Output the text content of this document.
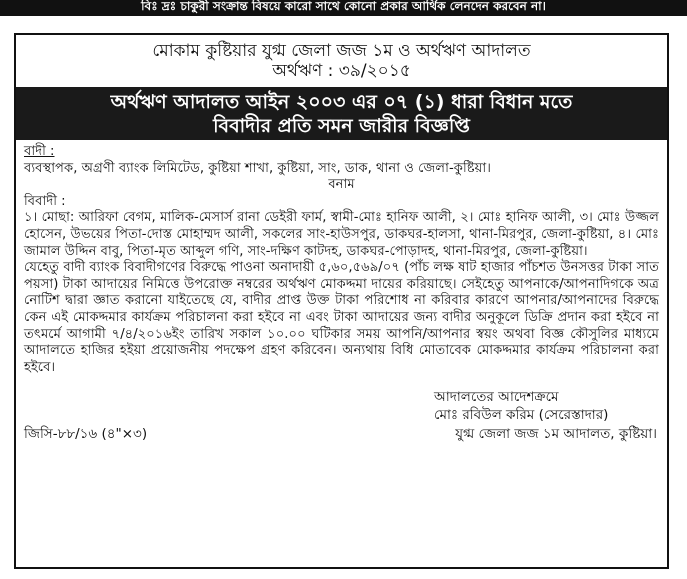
বিঃ দ্রঃ চাকুরী সংক্রান্ত বিষয়ে কারো সাথে কোনো প্রকার আর্থিক লেনদেন করবেন না।
মোকাম কুষ্টিয়ার যুগ্ম জেলা জজ ১ম ও অর্থঋণ আদালত
অর্থঋণ : ৩৯/২০১৫
অর্থঋণ আদালত আইন ২০০৩ এর ০৭ (১) ধারা বিধান মতে
বিবাদীর প্রতি সমন জারীর বিজ্ঞপ্তি
বাদী :
ব্যবস্থাপক, অগ্রণী ব্যাংক লিমিটেড, কুষ্টিয়া শাখা, কুষ্টিয়া, সাং, ডাক, থানা ও জেলা-কুষ্টিয়া।
বনাম
বিবাদী :
১। মোছা: আরিফা বেগম, মালিক-মেসার্স রানা ডেইরী ফার্ম, স্বামী-মোঃ হানিফ আলী, ২। মোঃ হানিফ আলী, ৩। মোঃ উজ্জল হোসেন, উভয়ের পিতা-দোস্ত মোহাম্মদ আলী, সকলের সাং-হাউসপুর, ডাকঘর-হালসা, থানা-মিরপুর, জেলা-কুষ্টিয়া, ৪। মোঃ জামাল উদ্দিন বাবু, পিতা-মৃত আব্দুল গণি, সাং-দক্ষিণ কাটদহ, ডাকঘর-পোড়াদহ, থানা-মিরপুর, জেলা-কুষ্টিয়া।
যেহেতু বাদী ব্যাংক বিবাদীগণের বিরুদ্ধে পাওনা অনাদায়ী ৫,৬০,৫৬৯/০৭ (পাঁচ লক্ষ ষাট হাজার পাঁচশত উনসত্তর টাকা সাত পয়সা) টাকা আদায়ের নিমিত্তে উপরোক্ত নম্বরের অর্থঋণ মোকদ্দমা দায়ের করিয়াছে। সেইহেতু আপনাকে/আপনাদিগকে অত্র নোটিশ দ্বারা জ্ঞাত করানো যাইতেছে যে, বাদীর প্রাপ্ত উক্ত টাকা পরিশোধ না করিবার কারণে আপনার/আপনাদের বিরুদ্ধে কেন এই মোকদ্দমার কার্যক্রম পরিচালনা করা হইবে না এবং টাকা আদায়ের জন্য বাদীর অনুকূলে ডিক্রি প্রদান করা হইবে না তৎমর্মে আগামী ৭/৪/২০১৬ইং তারিখ সকাল ১০.০০ ঘটিকার সময় আপনি/আপনার স্বয়ং অথবা বিজ্ঞ কৌসুলির মাধ্যমে আদালতে হাজির হইয়া প্রয়োজনীয় পদক্ষেপ গ্রহণ করিবেন। অন্যথায় বিধি মোতাবেক মোকদ্দমার কার্যক্রম পরিচালনা করা হইবে।
আদালতের আদেশক্রমে
মোঃ রবিউল করিম (সেরেস্তাদার)
জিসি-৮৮/১৬ (৪"×৩)	যুগ্ম জেলা জজ ১ম আদালত, কুষ্টিয়া।
